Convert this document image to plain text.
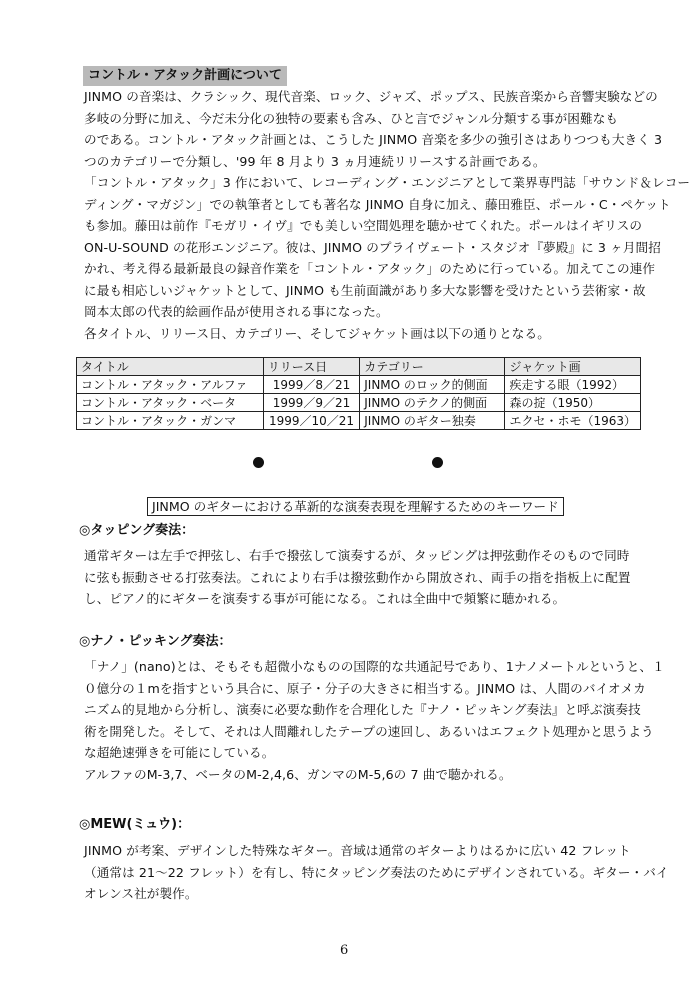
コントル・アタック計画について
JINMO の音楽は、クラシック、現代音楽、ロック、ジャズ、ポップス、民族音楽から音響実験などの
多岐の分野に加え、今だ未分化の独特の要素も含み、ひと言でジャンル分類する事が困難なも
のである。コントル・アタック計画とは、こうした JINMO 音楽を多少の強引さはありつつも大きく 3
つのカテゴリーで分類し、'99 年 8 月より 3 ヵ月連続リリースする計画である。
「コントル・アタック」3 作において、レコーディング・エンジニアとして業界専門誌「サウンド＆レコー
ディング・マガジン」での執筆者としても著名な JINMO 自身に加え、藤田雅臣、ポール・C・ペケット
も参加。藤田は前作『モガリ・イヴ』でも美しい空間処理を聴かせてくれた。ポールはイギリスの
ON-U-SOUND の花形エンジニア。彼は、JINMO のプライヴェート・スタジオ『夢殿』に 3 ヶ月間招
かれ、考え得る最新最良の録音作業を「コントル・アタック」のために行っている。加えてこの連作
に最も相応しいジャケットとして、JINMO も生前面識があり多大な影響を受けたという芸術家・故
岡本太郎の代表的絵画作品が使用される事になった。
各タイトル、リリース日、カテゴリー、そしてジャケット画は以下の通りとなる。
タイトル	リリース日	カテゴリー	ジャケット画
コントル・アタック・アルファ	1999／8／21	JINMO のロック的側面	疾走する眼（1992）
コントル・アタック・ベータ	1999／9／21	JINMO のテクノ的側面	森の掟（1950）
コントル・アタック・ガンマ	1999／10／21	JINMO のギター独奏	エクセ・ホモ（1963）
JINMO のギターにおける革新的な演奏表現を理解するためのキーワード
◎タッピング奏法：
通常ギターは左手で押弦し、右手で撥弦して演奏するが、タッピングは押弦動作そのもので同時
に弦も振動させる打弦奏法。これにより右手は撥弦動作から開放され、両手の指を指板上に配置
し、ピアノ的にギターを演奏する事が可能になる。これは全曲中で頻繁に聴かれる。
◎ナノ・ピッキング奏法：
「ナノ」(nano)とは、そもそも超微小なものの国際的な共通記号であり、1ナノメートルというと、１
０億分の１mを指すという具合に、原子・分子の大きさに相当する。JINMO は、人間のバイオメカ
ニズム的見地から分析し、演奏に必要な動作を合理化した『ナノ・ピッキング奏法』と呼ぶ演奏技
術を開発した。そして、それは人間離れしたテープの速回し、あるいはエフェクト処理かと思うよう
な超絶速弾きを可能にしている。
アルファのM-3,7、ベータのM-2,4,6、ガンマのM-5,6の 7 曲で聴かれる。
◎MEW(ミュウ)：
JINMO が考案、デザインした特殊なギター。音域は通常のギターよりはるかに広い 42 フレット
（通常は 21～22 フレット）を有し、特にタッピング奏法のためにデザインされている。ギター・バイ
オレンス社が製作。
6
